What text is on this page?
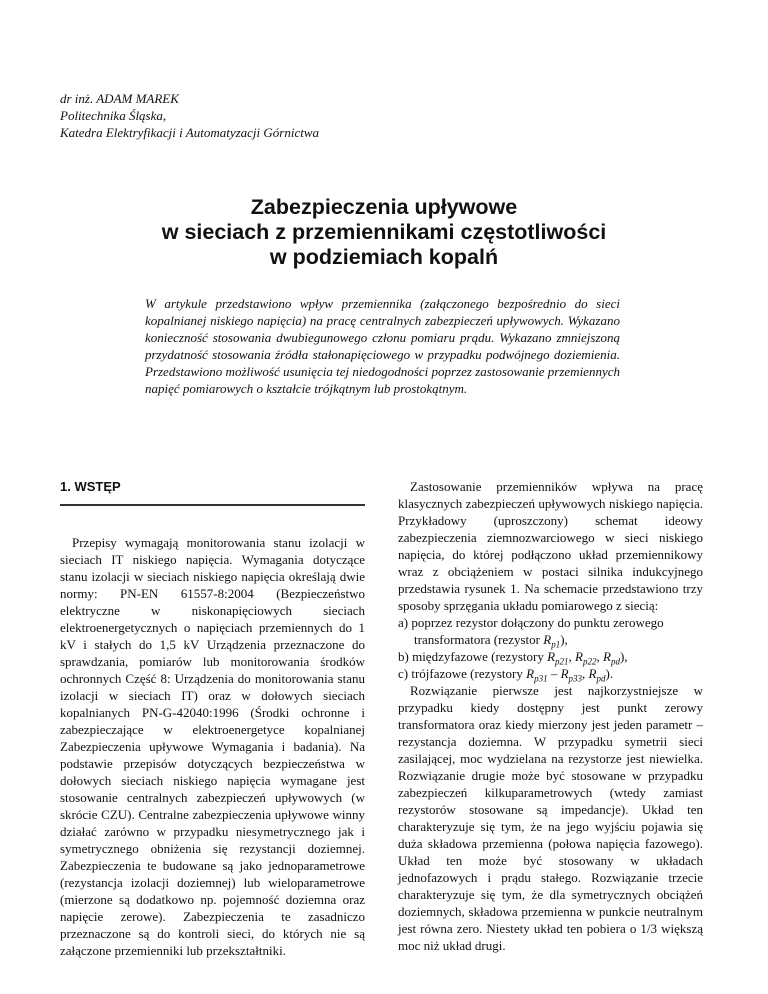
dr inż. ADAM MAREK
Politechnika Śląska,
Katedra Elektryfikacji i Automatyzacji Górnictwa
Zabezpieczenia upływowe
w sieciach z przemiennikami częstotliwości
w podziemiach kopalń
W artykule przedstawiono wpływ przemiennika (załączonego bezpośrednio do sieci kopalnianej niskiego napięcia) na pracę centralnych zabezpieczeń upływowych. Wykazano konieczność stosowania dwubiegunowego członu pomiaru prądu. Wykazano zmniejszoną przydatność stosowania źródła stałonapięciowego w przypadku podwójnego doziemienia. Przedstawiono możliwość usunięcia tej niedogodności poprzez zastosowanie przemiennych napięć pomiarowych o kształcie trójkątnym lub prostokątnym.
1. WSTĘP

Przepisy wymagają monitorowania stanu izolacji w sieciach IT niskiego napięcia. Wymagania dotyczące stanu izolacji w sieciach niskiego napięcia określają dwie normy: PN-EN 61557-8:2004 (Bezpieczeństwo elektryczne w niskonapięciowych sieciach elektroenergetycznych o napięciach przemiennych do 1 kV i stałych do 1,5 kV Urządzenia przeznaczone do sprawdzania, pomiarów lub monitorowania środków ochronnych Część 8: Urządzenia do monitorowania stanu izolacji w sieciach IT) oraz w dołowych sieciach kopalnianych PN-G-42040:1996 (Środki ochronne i zabezpieczające w elektroenergetyce kopalnianej Zabezpieczenia upływowe Wymagania i badania). Na podstawie przepisów dotyczących bezpieczeństwa w dołowych sieciach niskiego napięcia wymagane jest stosowanie centralnych zabezpieczeń upływowych (w skrócie CZU). Centralne zabezpieczenia upływowe winny działać zarówno w przypadku niesymetrycznego jak i symetrycznego obniżenia się rezystancji doziemnej. Zabezpieczenia te budowane są jako jednoparametrowe (rezystancja izolacji doziemnej) lub wieloparametrowe (mierzone są dodatkowo np. pojemność doziemna oraz napięcie zerowe). Zabezpieczenia te zasadniczo przeznaczone są do kontroli sieci, do których nie są załączone przemienniki lub przekształtniki.

Zastosowanie przemienników wpływa na pracę klasycznych zabezpieczeń upływowych niskiego napięcia. Przykładowy (uproszczony) schemat ideowy zabezpieczenia ziemnozwarciowego w sieci niskiego napięcia, do której podłączono układ przemiennikowy wraz z obciążeniem w postaci silnika indukcyjnego przedstawia rysunek 1. Na schemacie przedstawiono trzy sposoby sprzęgania układu pomiarowego z siecią:

a) poprzez rezystor dołączony do punktu zerowego transformatora (rezystor $R_{p1}$),
b) międzyfazowe (rezystory $R_{p21}$, $R_{p22}$, $R_{pd}$),
c) trójfazowe (rezystory $R_{p31} - R_{p33}$, $R_{pd}$).

Rozwiązanie pierwsze jest najkorzystniejsze w przypadku kiedy dostępny jest punkt zerowy transformatora oraz kiedy mierzony jest jeden parametr – rezystancja doziemna. W przypadku symetrii sieci zasilającej, moc wydzielana na rezystorze jest niewielka. Rozwiązanie drugie może być stosowane w przypadku zabezpieczeń kilkuparametrowych (wtedy zamiast rezystorów stosowane są impedancje). Układ ten charakteryzuje się tym, że na jego wyjściu pojawia się duża składowa przemienna (połowa napięcia fazowego). Układ ten może być stosowany w układach jednofazowych i prądu stałego. Rozwiązanie trzecie charakteryzuje się tym, że dla symetrycznych obciążeń doziemnych, składowa przemienna w punkcie neutralnym jest równa zero. Niestety układ ten pobiera o 1/3 większą moc niż układ drugi.
